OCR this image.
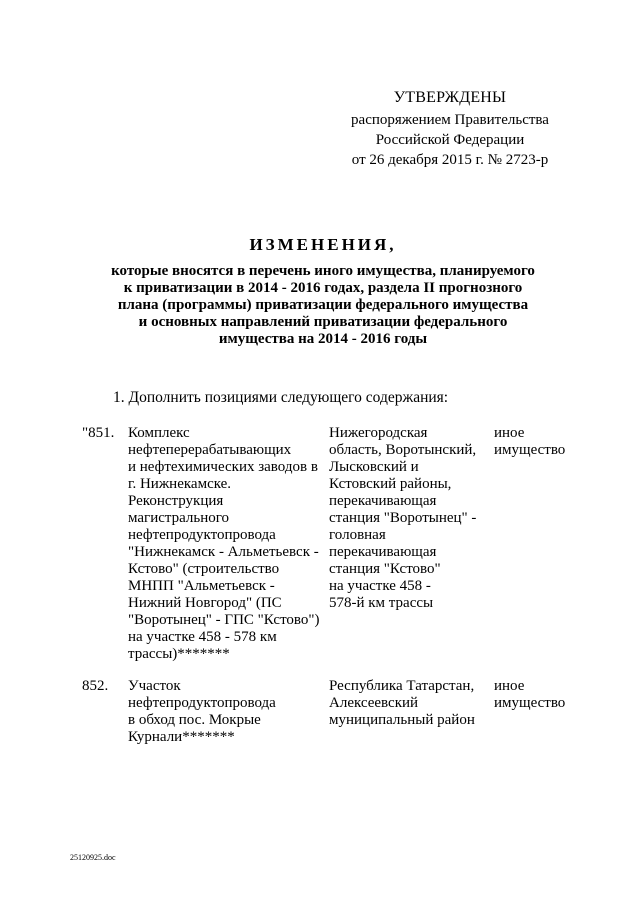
УТВЕРЖДЕНЫ
распоряжением Правительства
Российской Федерации
от 26 декабря 2015 г. № 2723-р
ИЗМЕНЕНИЯ,
которые вносятся в перечень иного имущества, планируемого
к приватизации в 2014 - 2016 годах, раздела II прогнозного
плана (программы) приватизации федерального имущества
и основных направлений приватизации федерального
имущества на 2014 - 2016 годы
1. Дополнить позициями следующего содержания:
"851. Комплекс
нефтеперерабатывающих
и нефтехимических заводов в
г. Нижнекамске.
Реконструкция
магистрального
нефтепродуктопровода
"Нижнекамск - Альметьевск -
Кстово" (строительство
МНПП "Альметьевск -
Нижний Новгород" (ПС
"Воротынец" - ГПС "Кстово")
на участке 458 - 578 км
трассы)*******
Нижегородская
область, Воротынский,
Лысковский и
Кстовский районы,
перекачивающая
станция "Воротынец" -
головная
перекачивающая
станция "Кстово"
на участке 458 -
578-й км трассы
иное
имущество
852.	Участок
нефтепродуктопровода
в обход пос. Мокрые
Курнали*******
Республика Татарстан,
Алексеевский
муниципальный район
иное
имущество
25120925.doc
